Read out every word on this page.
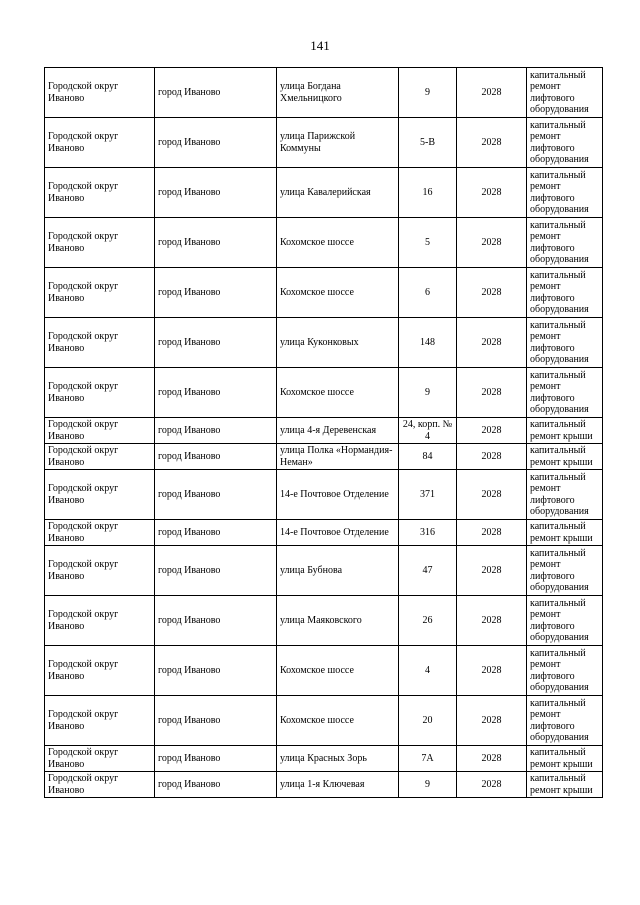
141
Городской округ Иваново	город Иваново	улица Богдана Хмельницкого	9	2028	капитальный ремонт лифтового оборудования
Городской округ Иваново	город Иваново	улица Парижской Коммуны	5-В	2028	капитальный ремонт лифтового оборудования
Городской округ Иваново	город Иваново	улица Кавалерийская	16	2028	капитальный ремонт лифтового оборудования
Городской округ Иваново	город Иваново	Кохомское шоссе	5	2028	капитальный ремонт лифтового оборудования
Городской округ Иваново	город Иваново	Кохомское шоссе	6	2028	капитальный ремонт лифтового оборудования
Городской округ Иваново	город Иваново	улица Куконковых	148	2028	капитальный ремонт лифтового оборудования
Городской округ Иваново	город Иваново	Кохомское шоссе	9	2028	капитальный ремонт лифтового оборудования
Городской округ Иваново	город Иваново	улица 4-я Деревенская	24, корп. № 4	2028	капитальный ремонт крыши
Городской округ Иваново	город Иваново	улица Полка «Нормандия-Неман»	84	2028	капитальный ремонт крыши
Городской округ Иваново	город Иваново	14-е Почтовое Отделение	371	2028	капитальный ремонт лифтового оборудования
Городской округ Иваново	город Иваново	14-е Почтовое Отделение	316	2028	капитальный ремонт крыши
Городской округ Иваново	город Иваново	улица Бубнова	47	2028	капитальный ремонт лифтового оборудования
Городской округ Иваново	город Иваново	улица Маяковского	26	2028	капитальный ремонт лифтового оборудования
Городской округ Иваново	город Иваново	Кохомское шоссе	4	2028	капитальный ремонт лифтового оборудования
Городской округ Иваново	город Иваново	Кохомское шоссе	20	2028	капитальный ремонт лифтового оборудования
Городской округ Иваново	город Иваново	улица Красных Зорь	7А	2028	капитальный ремонт крыши
Городской округ Иваново	город Иваново	улица 1-я Ключевая	9	2028	капитальный ремонт крыши
